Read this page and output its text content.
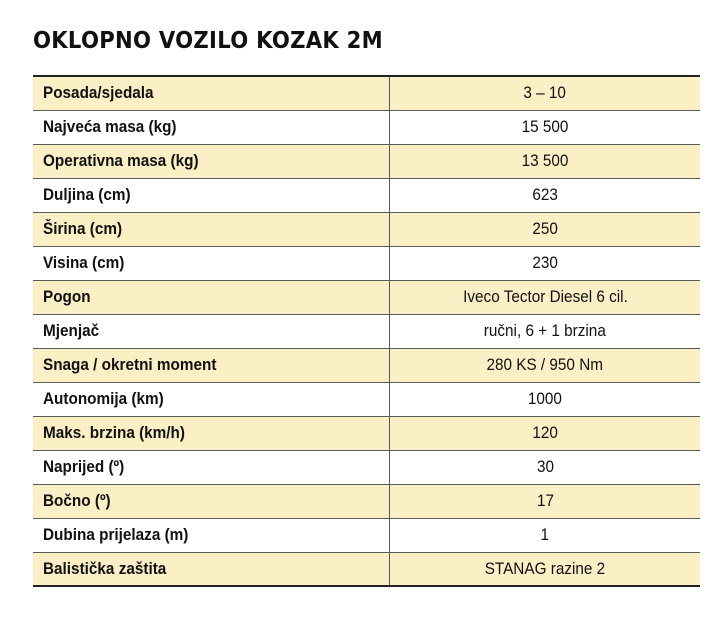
OKLOPNO VOZILO KOZAK 2M
Posada/sjedala	3 – 10
Najveća masa (kg)	15 500
Operativna masa (kg)	13 500
Duljina (cm)	623
Širina (cm)	250
Visina (cm)	230
Pogon	Iveco Tector Diesel 6 cil.
Mjenjač	ručni, 6 + 1 brzina
Snaga / okretni moment	280 KS / 950 Nm
Autonomija (km)	1000
Maks. brzina (km/h)	120
Naprijed (º)	30
Bočno (º)	17
Dubina prijelaza (m)	1
Balistička zaštita	STANAG razine 2
